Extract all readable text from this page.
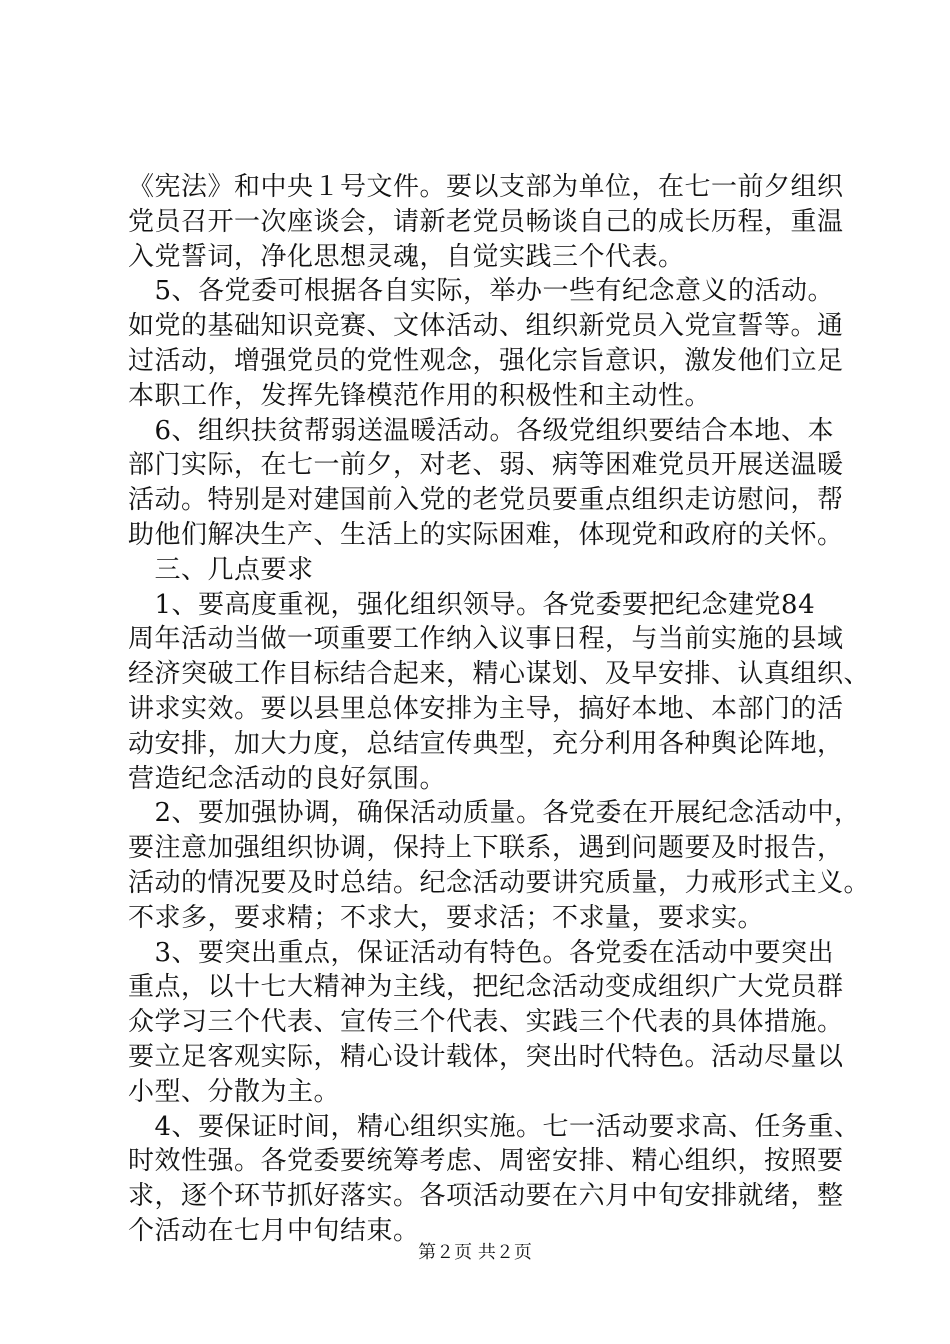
《宪法》和中央１号文件。要以支部为单位，在七一前夕组织
党员召开一次座谈会，请新老党员畅谈自己的成长历程，重温
入党誓词，净化思想灵魂，自觉实践三个代表。
　5、各党委可根据各自实际，举办一些有纪念意义的活动。
如党的基础知识竞赛、文体活动、组织新党员入党宣誓等。通
过活动，增强党员的党性观念，强化宗旨意识，激发他们立足
本职工作，发挥先锋模范作用的积极性和主动性。
　6、组织扶贫帮弱送温暖活动。各级党组织要结合本地、本
部门实际，在七一前夕，对老、弱、病等困难党员开展送温暖
活动。特别是对建国前入党的老党员要重点组织走访慰问，帮
助他们解决生产、生活上的实际困难，体现党和政府的关怀。
　三、几点要求
　1、要高度重视，强化组织领导。各党委要把纪念建党84
周年活动当做一项重要工作纳入议事日程，与当前实施的县域
经济突破工作目标结合起来，精心谋划、及早安排、认真组织、
讲求实效。要以县里总体安排为主导，搞好本地、本部门的活
动安排，加大力度，总结宣传典型，充分利用各种舆论阵地，
营造纪念活动的良好氛围。
　2、要加强协调，确保活动质量。各党委在开展纪念活动中，
要注意加强组织协调，保持上下联系，遇到问题要及时报告，
活动的情况要及时总结。纪念活动要讲究质量，力戒形式主义。
不求多，要求精；不求大，要求活；不求量，要求实。
　3、要突出重点，保证活动有特色。各党委在活动中要突出
重点，以十七大精神为主线，把纪念活动变成组织广大党员群
众学习三个代表、宣传三个代表、实践三个代表的具体措施。
要立足客观实际，精心设计载体，突出时代特色。活动尽量以
小型、分散为主。
　4、要保证时间，精心组织实施。七一活动要求高、任务重、
时效性强。各党委要统筹考虑、周密安排、精心组织，按照要
求，逐个环节抓好落实。各项活动要在六月中旬安排就绪，整
个活动在七月中旬结束。
第２页 共２页
